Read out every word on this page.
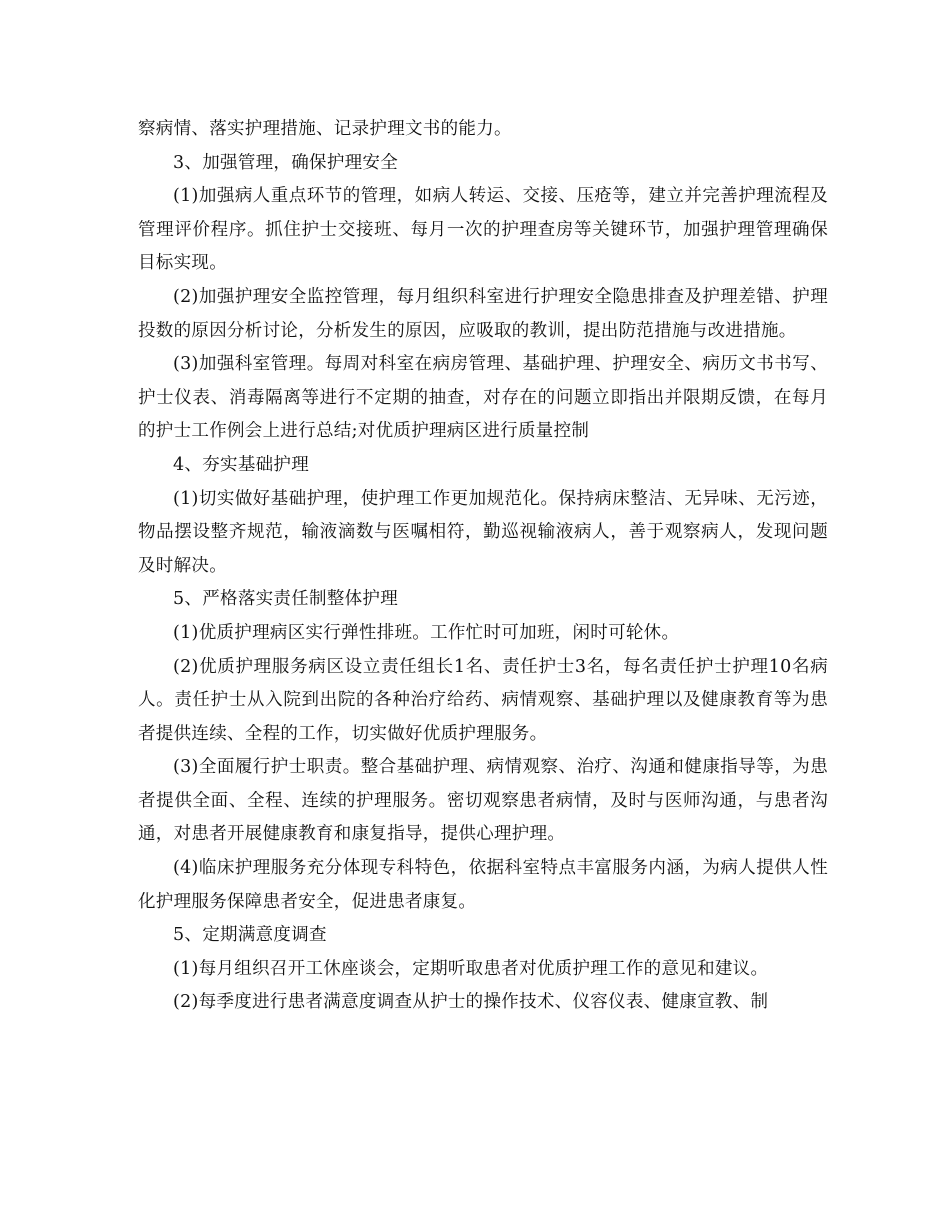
察病情、落实护理措施、记录护理文书的能力。

3、加强管理，确保护理安全

(1)加强病人重点环节的管理，如病人转运、交接、压疮等，建立并完善护理流程及管理评价程序。抓住护士交接班、每月一次的护理查房等关键环节，加强护理管理确保目标实现。

(2)加强护理安全监控管理，每月组织科室进行护理安全隐患排查及护理差错、护理投数的原因分析讨论，分析发生的原因，应吸取的教训，提出防范措施与改进措施。

(3)加强科室管理。每周对科室在病房管理、基础护理、护理安全、病历文书书写、护士仪表、消毒隔离等进行不定期的抽查，对存在的问题立即指出并限期反馈，在每月的护士工作例会上进行总结;对优质护理病区进行质量控制

4、夯实基础护理

(1)切实做好基础护理，使护理工作更加规范化。保持病床整洁、无异味、无污迹，物品摆设整齐规范，输液滴数与医嘱相符，勤巡视输液病人，善于观察病人，发现问题及时解决。

5、严格落实责任制整体护理

(1)优质护理病区实行弹性排班。工作忙时可加班，闲时可轮休。

(2)优质护理服务病区设立责任组长1名、责任护士3名，每名责任护士护理10名病人。责任护士从入院到出院的各种治疗给药、病情观察、基础护理以及健康教育等为患者提供连续、全程的工作，切实做好优质护理服务。

(3)全面履行护士职责。整合基础护理、病情观察、治疗、沟通和健康指导等，为患者提供全面、全程、连续的护理服务。密切观察患者病情，及时与医师沟通，与患者沟通，对患者开展健康教育和康复指导，提供心理护理。

(4)临床护理服务充分体现专科特色，依据科室特点丰富服务内涵，为病人提供人性化护理服务保障患者安全，促进患者康复。

5、定期满意度调查

(1)每月组织召开工休座谈会，定期听取患者对优质护理工作的意见和建议。

(2)每季度进行患者满意度调查从护士的操作技术、仪容仪表、健康宣教、制
